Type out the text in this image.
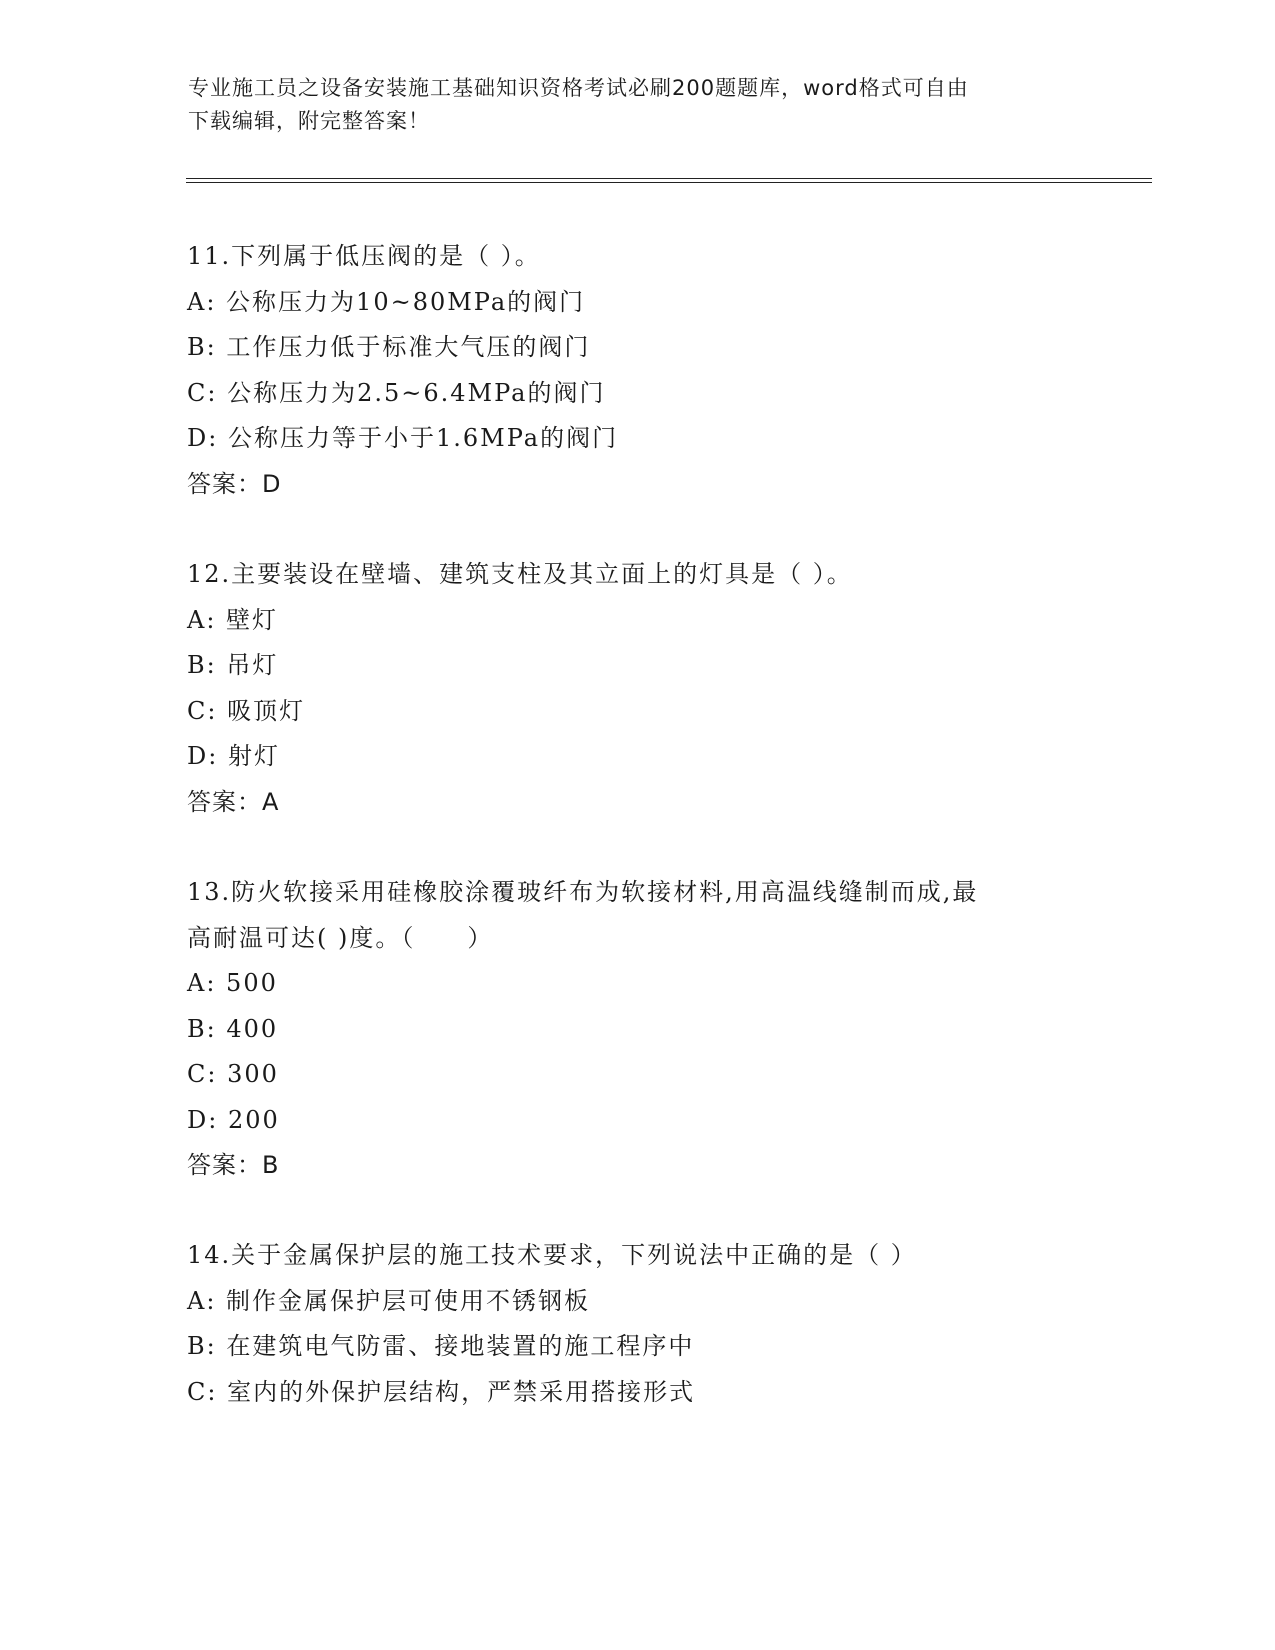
专业施工员之设备安装施工基础知识资格考试必刷200题题库，word格式可自由
下载编辑，附完整答案！
11.下列属于低压阀的是（ ）。
A: 公称压力为10~80MPa的阀门
B: 工作压力低于标准大气压的阀门
C: 公称压力为2.5~6.4MPa的阀门
D: 公称压力等于小于1.6MPa的阀门
答案：D
12.主要装设在壁墙、建筑支柱及其立面上的灯具是（ ）。
A: 壁灯
B: 吊灯
C: 吸顶灯
D: 射灯
答案：A
13.防火软接采用硅橡胶涂覆玻纤布为软接材料,用高温线缝制而成,最
高耐温可达( )度。（　　）
A: 500
B: 400
C: 300
D: 200
答案：B
14.关于金属保护层的施工技术要求，下列说法中正确的是（ ）
A: 制作金属保护层可使用不锈钢板
B: 在建筑电气防雷、接地装置的施工程序中
C: 室内的外保护层结构，严禁采用搭接形式
